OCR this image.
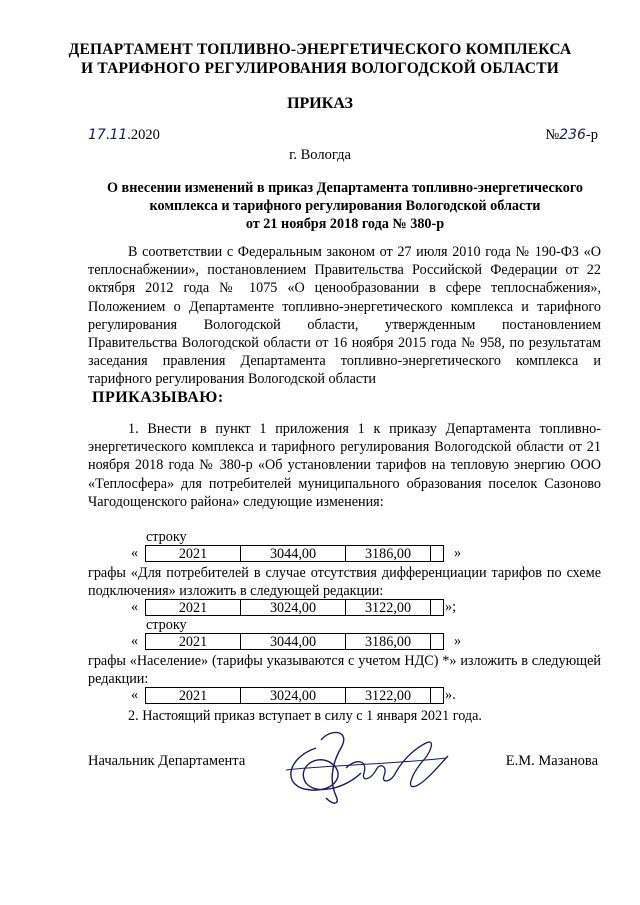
ДЕПАРТАМЕНТ ТОПЛИВНО-ЭНЕРГЕТИЧЕСКОГО КОМПЛЕКСА
И ТАРИФНОГО РЕГУЛИРОВАНИЯ ВОЛОГОДСКОЙ ОБЛАСТИ
ПРИКАЗ
17.11.2020	№236-р
г. Вологда
О внесении изменений в приказ Департамента топливно-энергетического
комплекса и тарифного регулирования Вологодской области
от 21 ноября 2018 года № 380-р
В соответствии с Федеральным законом от 27 июля 2010 года № 190-ФЗ «О теплоснабжении», постановлением Правительства Российской Федерации от 22 октября 2012 года № 1075 «О ценообразовании в сфере теплоснабжения», Положением о Департаменте топливно-энергетического комплекса и тарифного регулирования Вологодской области, утвержденным постановлением Правительства Вологодской области от 16 ноября 2015 года № 958, по результатам заседания правления Департамента топливно-энергетического комплекса и тарифного регулирования Вологодской области
ПРИКАЗЫВАЮ:
1. Внести в пункт 1 приложения 1 к приказу Департамента топливно-энергетического комплекса и тарифного регулирования Вологодской области от 21 ноября 2018 года № 380-р «Об установлении тарифов на тепловую энергию ООО «Теплосфера» для потребителей муниципального образования поселок Сазоново Чагодощенского района» следующие изменения:
строку
«	2021	3044,00	3186,00	»
графы «Для потребителей в случае отсутствия дифференциации тарифов по схеме подключения» изложить в следующей редакции:
«	2021	3024,00	3122,00	»;
строку
«	2021	3044,00	3186,00	»
графы «Население» (тарифы указываются с учетом НДС) *» изложить в следующей редакции:
«	2021	3024,00	3122,00	».
2. Настоящий приказ вступает в силу с 1 января 2021 года.
Начальник Департамента	Е.М. Мазанова
